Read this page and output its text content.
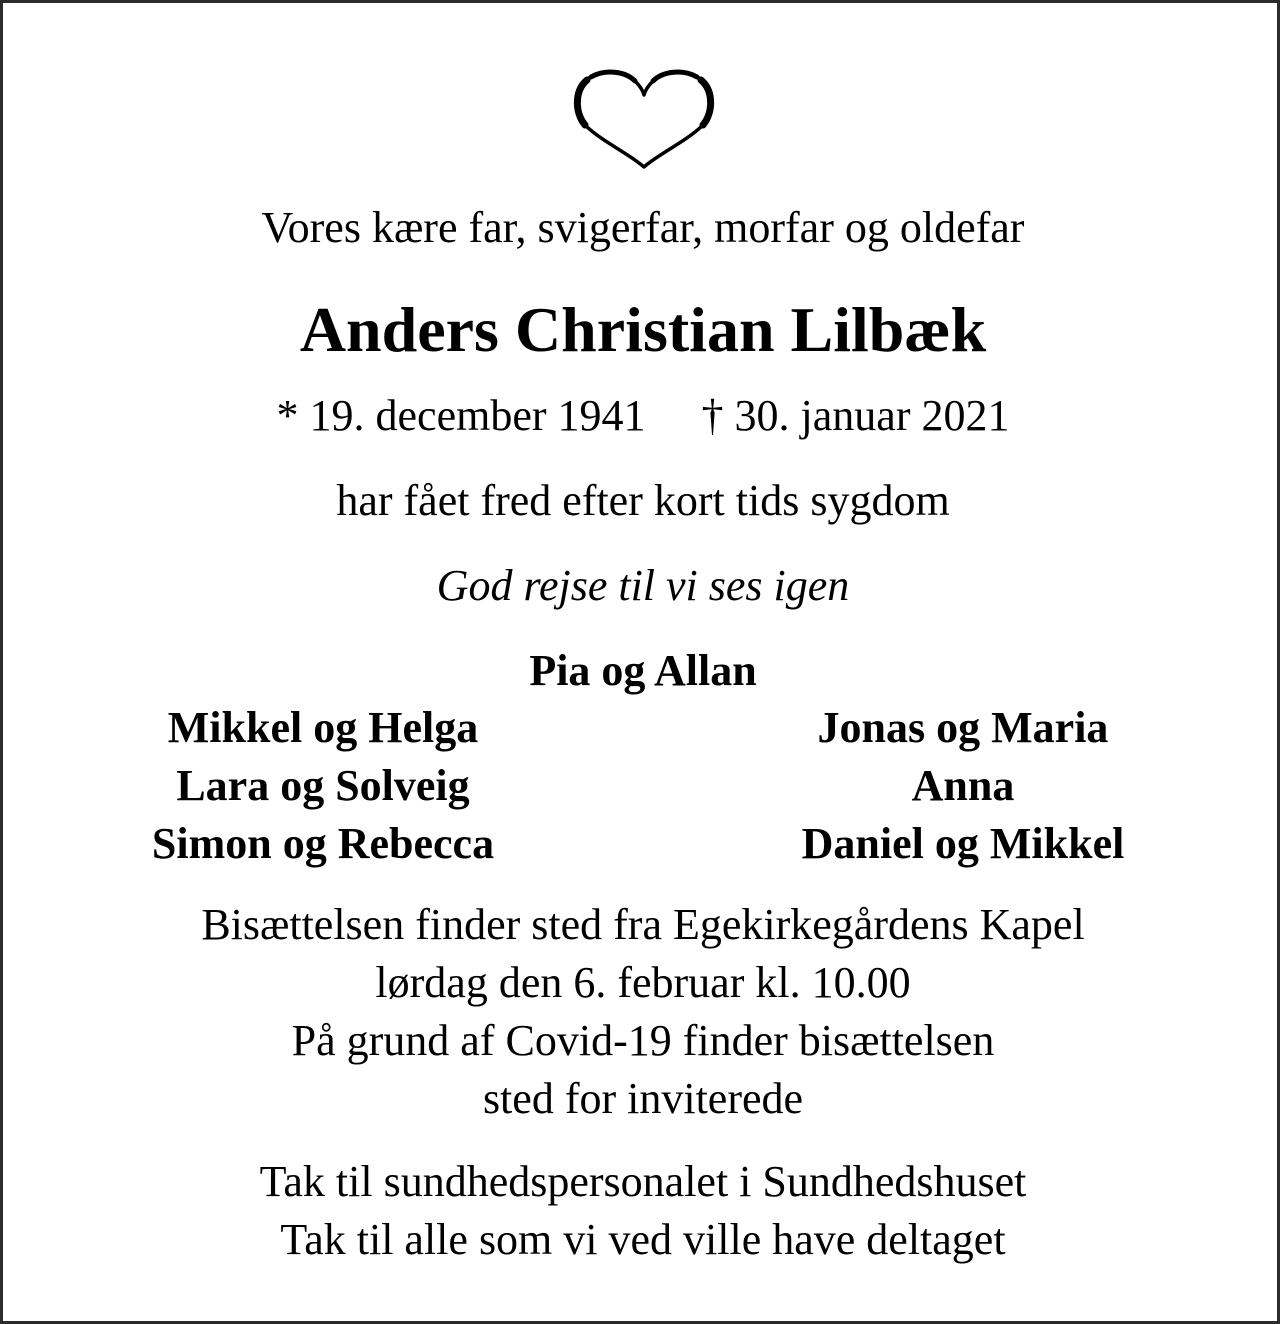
Vores kære far, svigerfar, morfar og oldefar
Anders Christian Lilbæk
* 19. december 1941 † 30. januar 2021
har fået fred efter kort tids sygdom
God rejse til vi ses igen
Pia og Allan
Mikkel og Helga
Lara og Solveig
Simon og Rebecca
Jonas og Maria
Anna
Daniel og Mikkel
Bisættelsen finder sted fra Egekirkegårdens Kapel
lørdag den 6. februar kl. 10.00
På grund af Covid-19 finder bisættelsen
sted for inviterede
Tak til sundhedspersonalet i Sundhedshuset
Tak til alle som vi ved ville have deltaget
